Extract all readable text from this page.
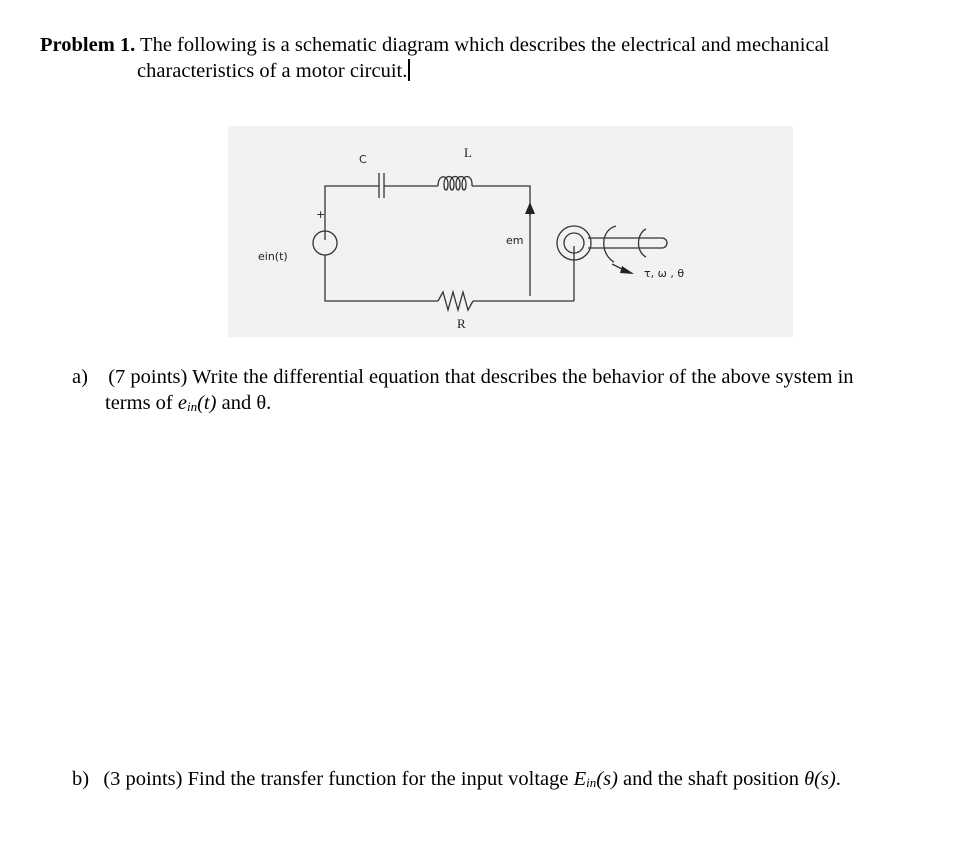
Problem 1. The following is a schematic diagram which describes the electrical and mechanical
characteristics of a motor circuit.
C	L
R
+
ein(t)
em
τ, ω , θ
a) (7 points) Write the differential equation that describes the behavior of the above system in
terms of ein(t) and θ.
b) (3 points) Find the transfer function for the input voltage Ein(s) and the shaft position θ(s).
